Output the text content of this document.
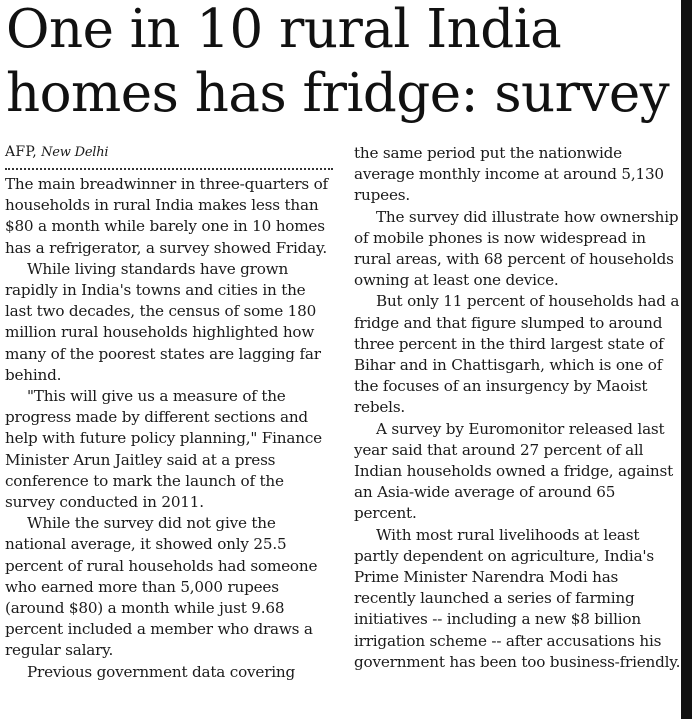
One in 10 rural India homes has fridge: survey
AFP, New Delhi

The main breadwinner in three-quarters of households in rural India makes less than $80 a month while barely one in 10 homes has a refrigerator, a survey showed Friday.

While living standards have grown rapidly in India's towns and cities in the last two decades, the census of some 180 million rural households highlighted how many of the poorest states are lagging far behind.

"This will give us a measure of the progress made by different sections and help with future policy planning," Finance Minister Arun Jaitley said at a press conference to mark the launch of the survey conducted in 2011.

While the survey did not give the national average, it showed only 25.5 percent of rural households had someone who earned more than 5,000 rupees (around $80) a month while just 9.68 percent included a member who draws a regular salary.

Previous government data covering

the same period put the nationwide average monthly income at around 5,130 rupees.

The survey did illustrate how ownership of mobile phones is now widespread in rural areas, with 68 percent of households owning at least one device.

But only 11 percent of households had a fridge and that figure slumped to around three percent in the third largest state of Bihar and in Chattisgarh, which is one of the focuses of an insurgency by Maoist rebels.

A survey by Euromonitor released last year said that around 27 percent of all Indian households owned a fridge, against an Asia-wide average of around 65 percent.

With most rural livelihoods at least partly dependent on agriculture, India's Prime Minister Narendra Modi has recently launched a series of farming initiatives -- including a new $8 billion irrigation scheme -- after accusations his government has been too business-friendly.
